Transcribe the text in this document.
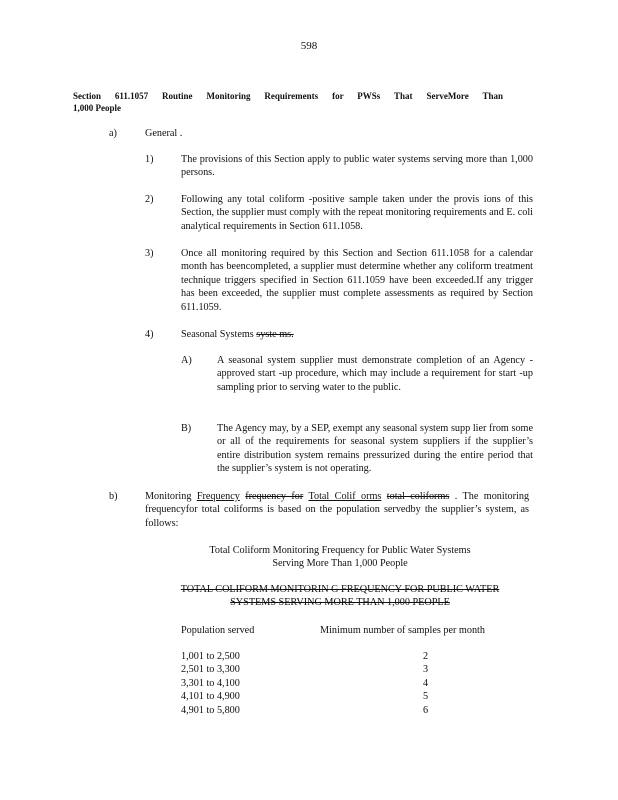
598
Section 611.1057 Routine Monitoring Requirements for PWSs That ServeMore Than
1,000 People
a)	General .
1)	The provisions of this Section apply to public water systems serving more than 1,000 persons.
2)	Following any total coliform -positive sample taken under the provis ions of this Section, the supplier must comply with the repeat monitoring requirements and E. coli analytical requirements in Section 611.1058.
3)	Once all monitoring required by this Section and Section 611.1058 for a calendar month has beencompleted, a supplier must determine whether any coliform treatment technique triggers specified in Section 611.1059 have been exceeded.If any trigger has been exceeded, the supplier must complete assessments as required by Section 611.1059.
4)	Seasonal Systems syste ms.
A)	A seasonal system supplier must demonstrate completion of an Agency -approved start -up procedure, which may include a requirement for start -up sampling prior to serving water to the public.
B)	The Agency may, by a SEP, exempt any seasonal system supp lier from some or all of the requirements for seasonal system suppliers if the supplier’s entire distribution system remains pressurized during the entire period that the supplier’s system is not operating.
b)	Monitoring Frequency frequency for Total Colif orms total coliforms . The monitoring frequencyfor total coliforms is based on the population servedby the supplier’s system, as follows:
Total Coliform Monitoring Frequency for Public Water Systems
Serving More Than 1,000 People
TOTAL COLIFORM MONITORIN G FREQUENCY FOR PUBLIC WATER
SYSTEMS SERVING MORE THAN 1,000 PEOPLE
Population served	Minimum number of samples per month
1,001 to 2,500	2
2,501 to 3,300	3
3,301 to 4,100	4
4,101 to 4,900	5
4,901 to 5,800	6
